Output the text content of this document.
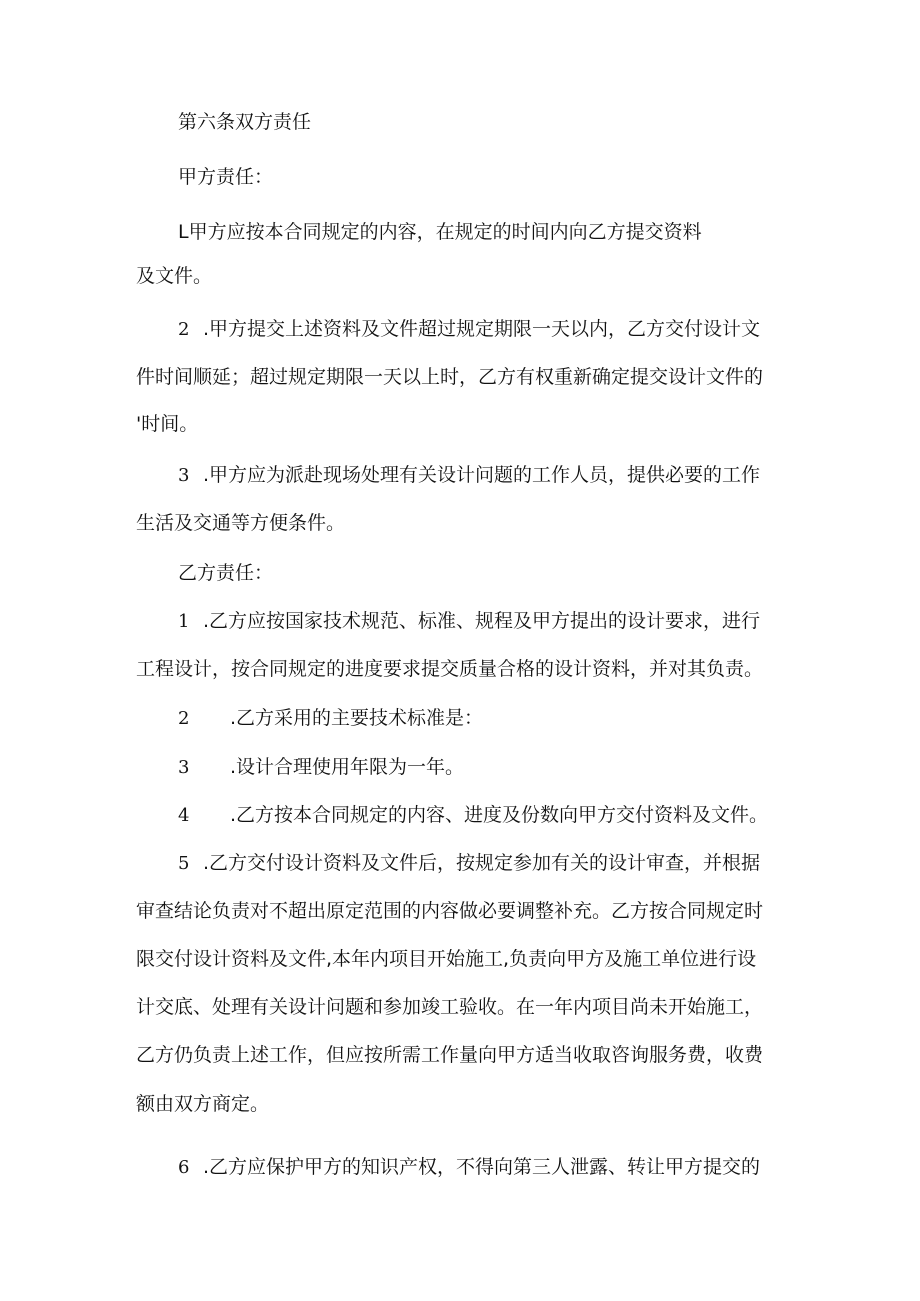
第六条双方责任

甲方责任：

L甲方应按本合同规定的内容，在规定的时间内向乙方提交资料

及文件。

2 .甲方提交上述资料及文件超过规定期限一天以内，乙方交付设计文

件时间顺延；超过规定期限一天以上时，乙方有权重新确定提交设计文件的

'时间。

3 .甲方应为派赴现场处理有关设计问题的工作人员，提供必要的工作

生活及交通等方便条件。

乙方责任：

1 .乙方应按国家技术规范、标准、规程及甲方提出的设计要求，进行

工程设计，按合同规定的进度要求提交质量合格的设计资料，并对其负责。

2 .乙方采用的主要技术标准是：

3 .设计合理使用年限为一年。

4 .乙方按本合同规定的内容、进度及份数向甲方交付资料及文件。

5 .乙方交付设计资料及文件后，按规定参加有关的设计审查，并根据

审查结论负责对不超出原定范围的内容做必要调整补充。乙方按合同规定时

限交付设计资料及文件,本年内项目开始施工,负责向甲方及施工单位进行设

计交底、处理有关设计问题和参加竣工验收。在一年内项目尚未开始施工，

乙方仍负责上述工作，但应按所需工作量向甲方适当收取咨询服务费，收费

额由双方商定。

6 .乙方应保护甲方的知识产权，不得向第三人泄露、转让甲方提交的
